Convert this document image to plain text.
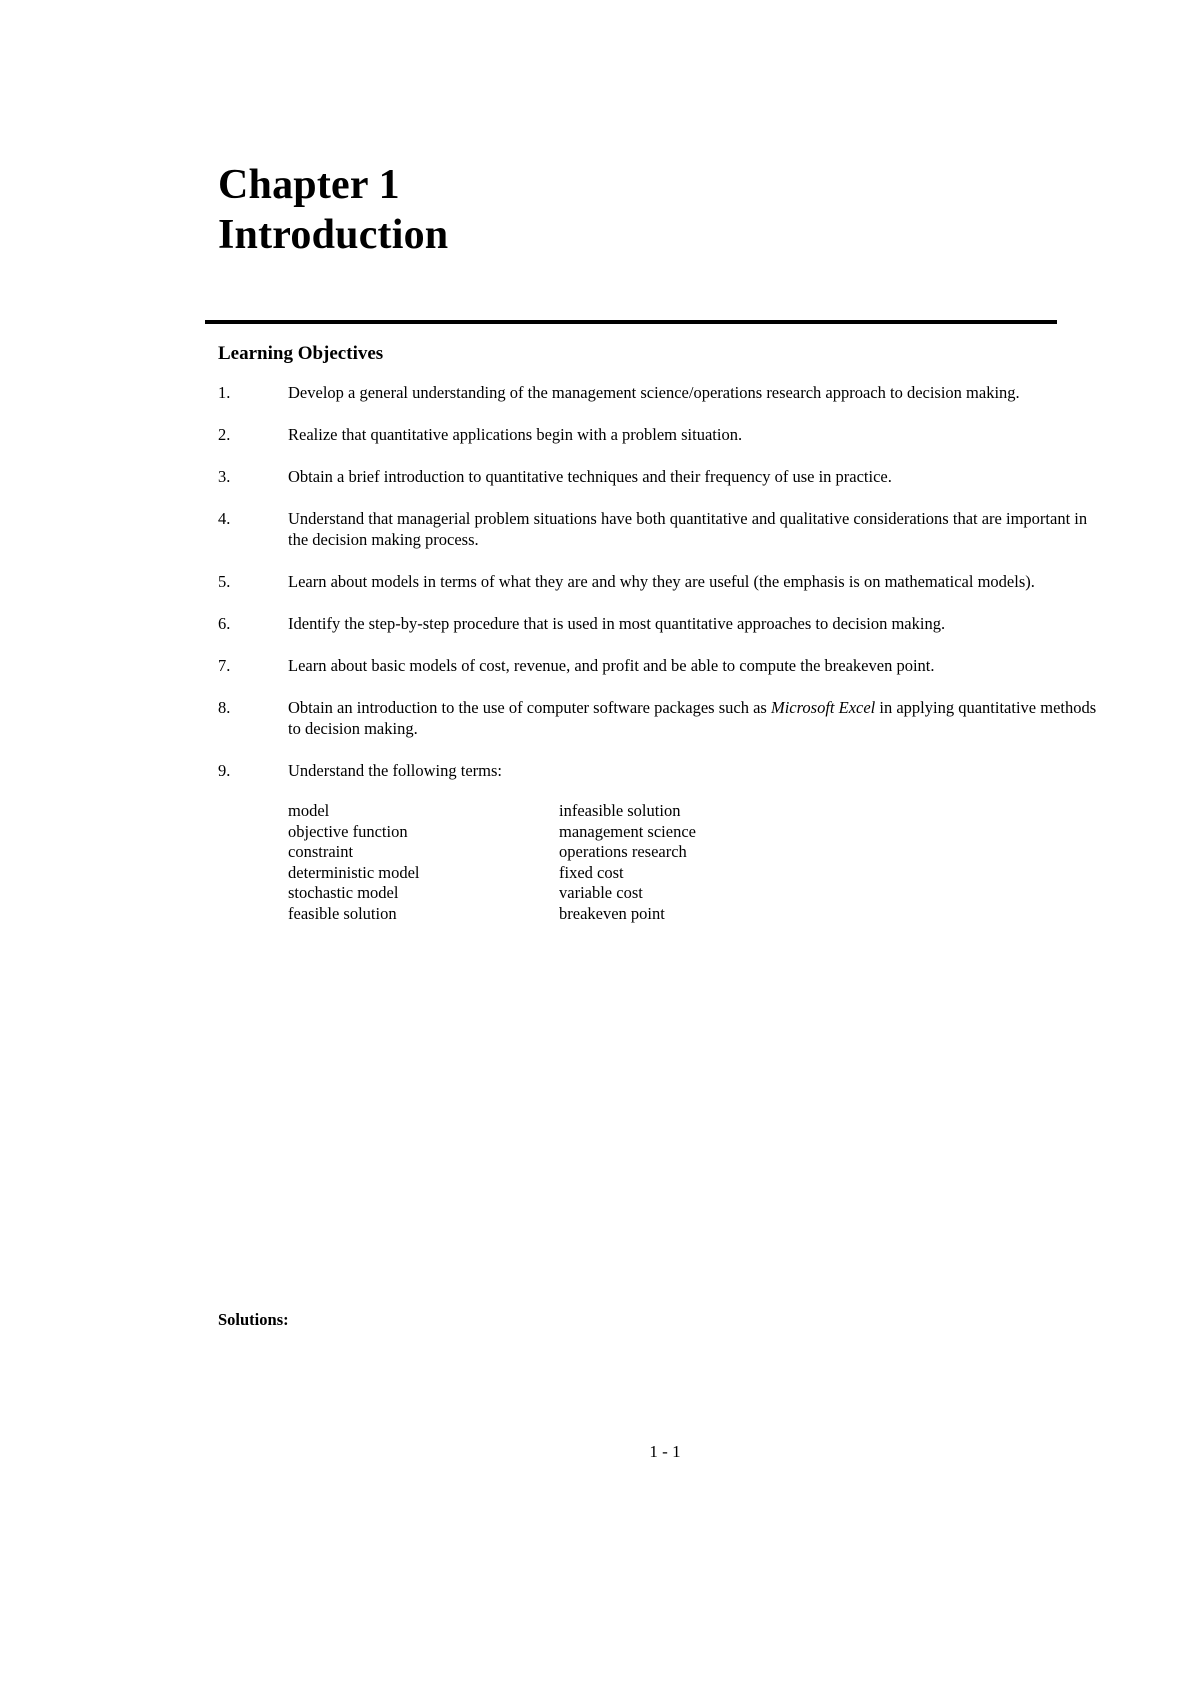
Chapter 1
Introduction
Learning Objectives
1.	Develop a general understanding of the management science/operations research approach to decision making.
2.	Realize that quantitative applications begin with a problem situation.
3.	Obtain a brief introduction to quantitative techniques and their frequency of use in practice.
4.	Understand that managerial problem situations have both quantitative and qualitative considerations that are important in the decision making process.
5.	Learn about models in terms of what they are and why they are useful (the emphasis is on mathematical models).
6.	Identify the step-by-step procedure that is used in most quantitative approaches to decision making.
7.	Learn about basic models of cost, revenue, and profit and be able to compute the breakeven point.
8.	Obtain an introduction to the use of computer software packages such as Microsoft Excel in applying quantitative methods to decision making.
9.	Understand the following terms:
model	infeasible solution
objective function	management science
constraint	operations research
deterministic model	fixed cost
stochastic model	variable cost
feasible solution	breakeven point
Solutions:
1 - 1
